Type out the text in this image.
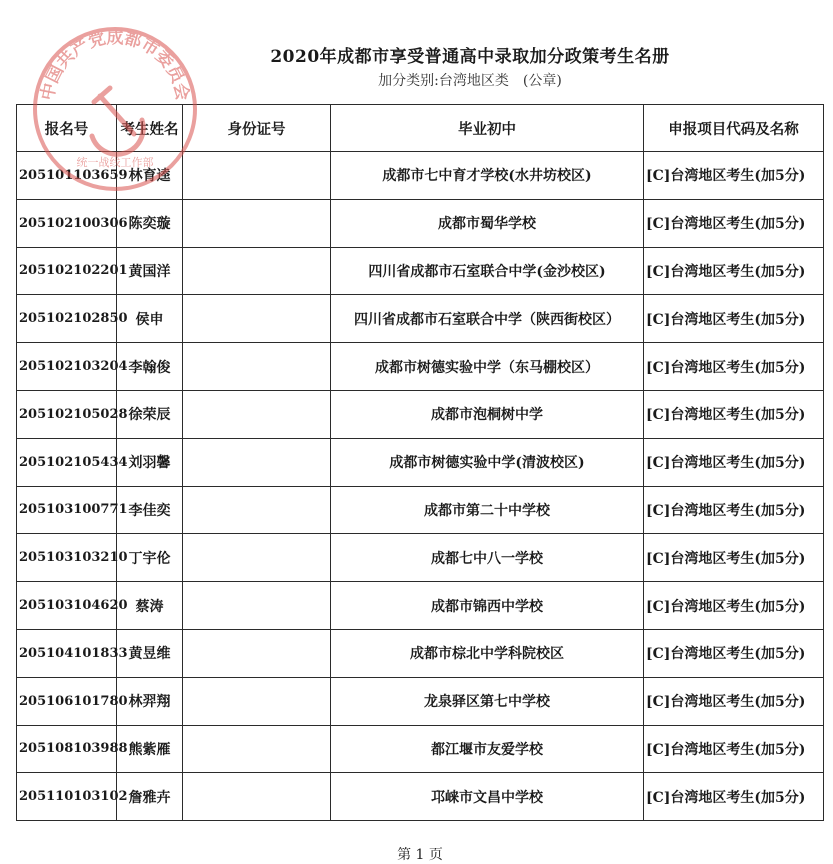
2020年成都市享受普通高中录取加分政策考生名册
加分类别:台湾地区类 (公章)
报名号	考生姓名	身份证号	毕业初中	申报项目代码及名称
205101103659	林育逵		成都市七中育才学校(水井坊校区)	[C]台湾地区考生(加5分)
205102100306	陈奕璇		成都市蜀华学校	[C]台湾地区考生(加5分)
205102102201	黄国洋		四川省成都市石室联合中学(金沙校区)	[C]台湾地区考生(加5分)
205102102850	侯申		四川省成都市石室联合中学（陕西街校区）	[C]台湾地区考生(加5分)
205102103204	李翰俊		成都市树德实验中学（东马棚校区）	[C]台湾地区考生(加5分)
205102105028	徐荣辰		成都市泡桐树中学	[C]台湾地区考生(加5分)
205102105434	刘羽馨		成都市树德实验中学(清波校区)	[C]台湾地区考生(加5分)
205103100771	李佳奕		成都市第二十中学校	[C]台湾地区考生(加5分)
205103103210	丁宇伦		成都七中八一学校	[C]台湾地区考生(加5分)
205103104620	蔡涛		成都市锦西中学校	[C]台湾地区考生(加5分)
205104101833	黄昱维		成都市棕北中学科院校区	[C]台湾地区考生(加5分)
205106101780	林羿翔		龙泉驿区第七中学校	[C]台湾地区考生(加5分)
205108103988	熊紫雁		都江堰市友爱学校	[C]台湾地区考生(加5分)
205110103102	詹雅卉		邛崃市文昌中学校	[C]台湾地区考生(加5分)
中国共产党成都市委员会
统一战线工作部
第 1 页
